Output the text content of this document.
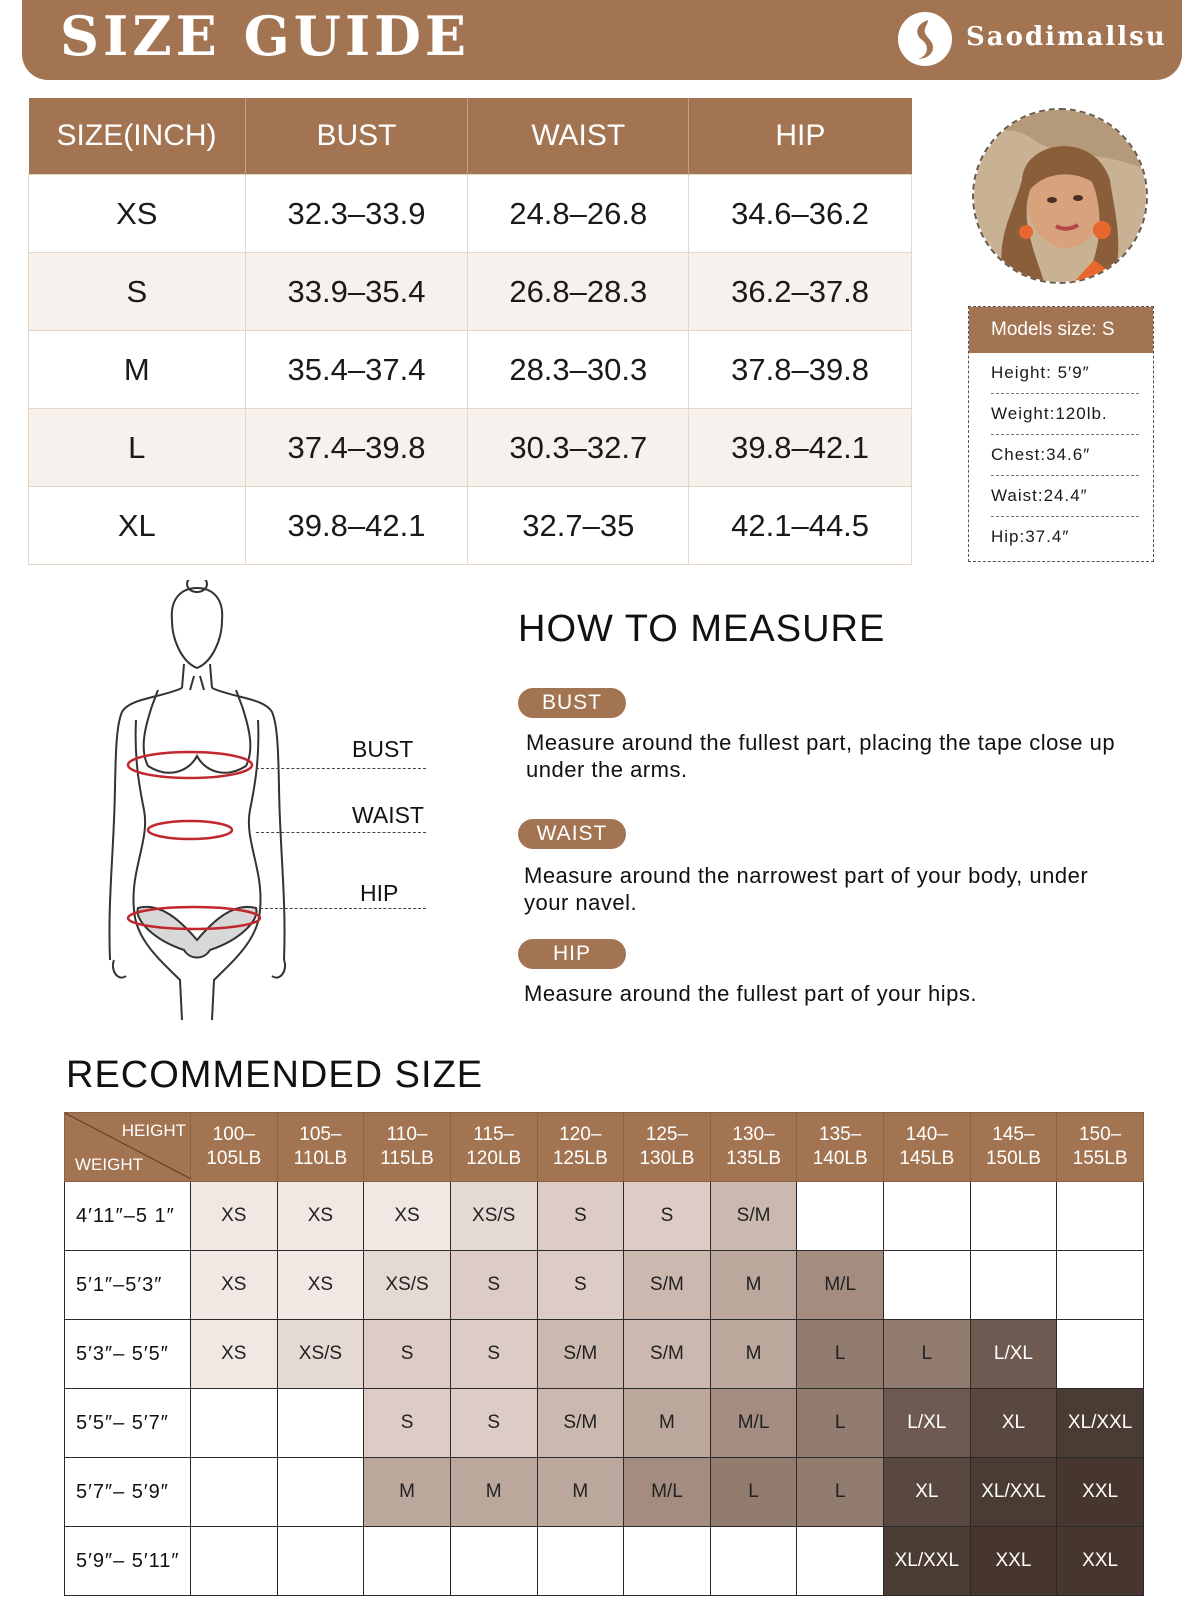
SIZE GUIDE	Saodimallsu
SIZE(INCH)	BUST	WAIST	HIP
XS	32.3–33.9	24.8–26.8	34.6–36.2
S	33.9–35.4	26.8–28.3	36.2–37.8
M	35.4–37.4	28.3–30.3	37.8–39.8
L	37.4–39.8	30.3–32.7	39.8–42.1
XL	39.8–42.1	32.7–35	42.1–44.5
Models size: S
Height: 5′9″
Weight:120lb.
Chest:34.6″
Waist:24.4″
Hip:37.4″
BUST
WAIST
HIP
HOW TO MEASURE
BUST
Measure around the fullest part, placing the tape close up under the arms.
WAIST
Measure around the narrowest part of your body, under your navel.
HIP
Measure around the fullest part of your hips.
RECOMMENDED SIZE
HEIGHT
WEIGHT	100–105LB	105–110LB	110–115LB	115–120LB	120–125LB	125–130LB	130–135LB	135–140LB	140–145LB	145–150LB	150–155LB
4′11″–5 1″	XS	XS	XS	XS/S	S	S	S/M				
5′1″–5′3″	XS	XS	XS/S	S	S	S/M	M	M/L			
5′3″– 5′5″	XS	XS/S	S	S	S/M	S/M	M	L	L	L/XL	
5′5″– 5′7″			S	S	S/M	M	M/L	L	L/XL	XL	XL/XXL
5′7″– 5′9″			M	M	M	M/L	L	L	XL	XL/XXL	XXL
5′9″– 5′11″									XL/XXL	XXL	XXL
